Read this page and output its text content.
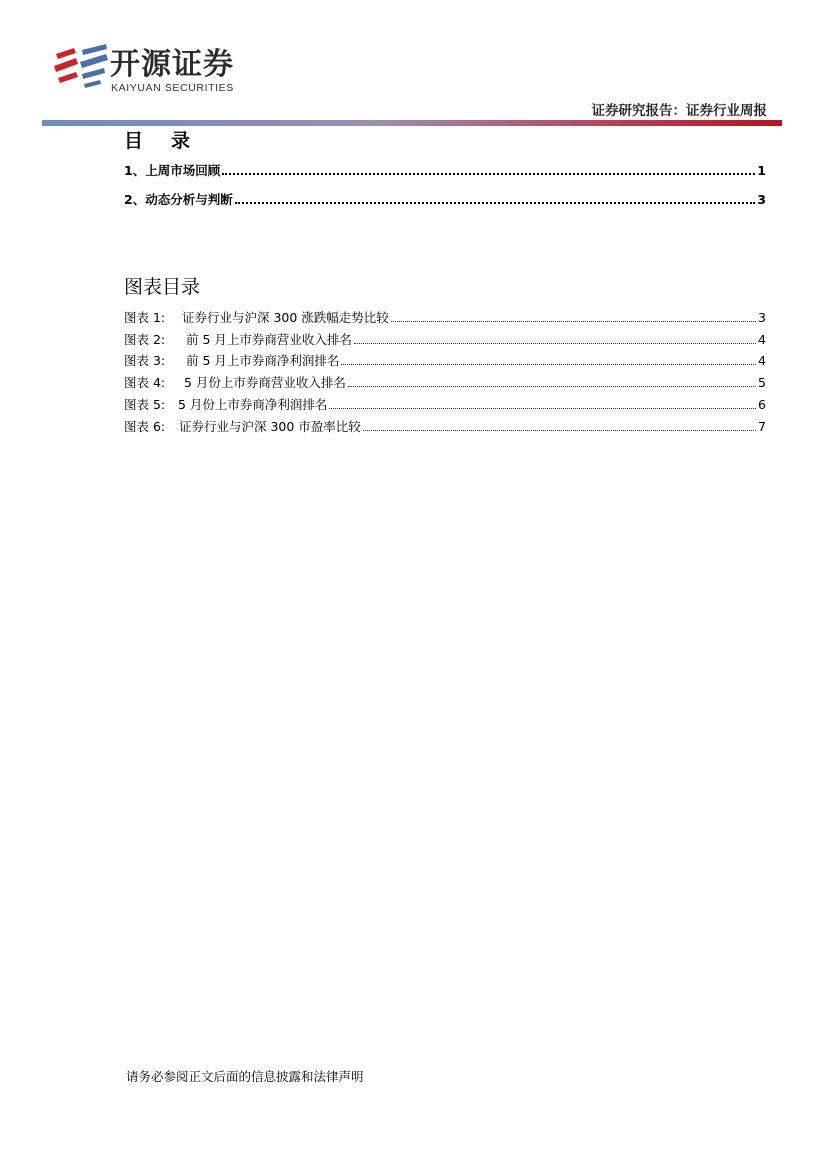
开源证券
KAIYUAN SECURITIES
证券研究报告：证券行业周报
目录
1、上周市场回顾	1
2、动态分析与判断	3
图表目录
图表 1:	证券行业与沪深 300 涨跌幅走势比较	3
图表 2:	前 5 月上市券商营业收入排名	4
图表 3:	前 5 月上市券商净利润排名	4
图表 4:	5 月份上市券商营业收入排名	5
图表 5:	5 月份上市券商净利润排名	6
图表 6:	证券行业与沪深 300 市盈率比较	7
请务必参阅正文后面的信息披露和法律声明
